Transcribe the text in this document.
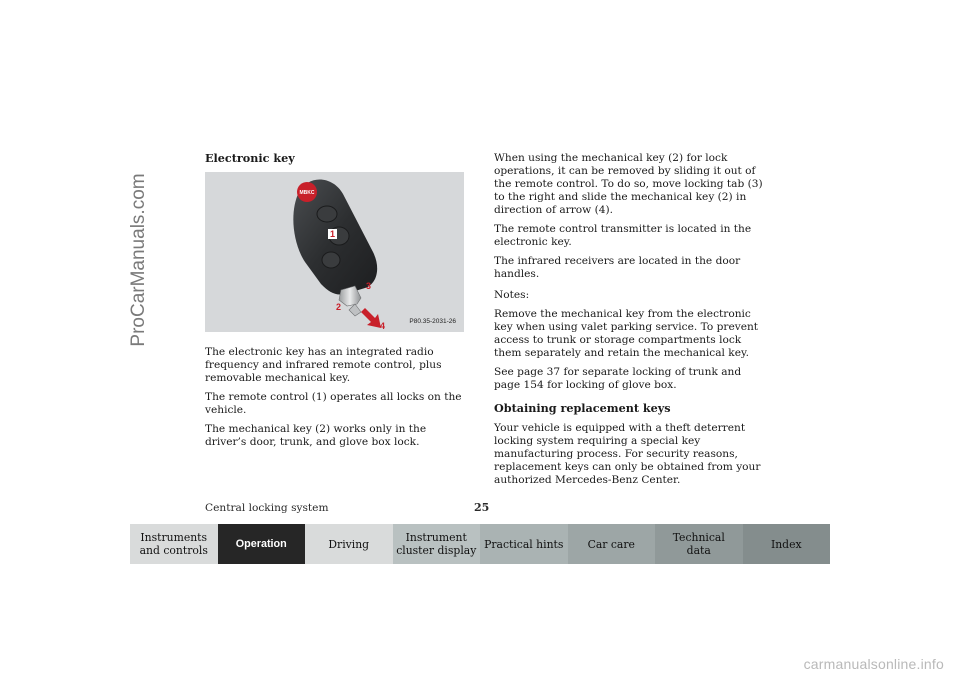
ProCarManuals.com
Electronic key
MBKC
1
2
3
4	P80.35-2031-26

The electronic key has an integrated radio frequency and infrared remote control, plus removable mechanical key.

The remote control (1) operates all locks on the vehicle.

The mechanical key (2) works only in the driver’s door, trunk, and glove box lock.

When using the mechanical key (2) for lock operations, it can be removed by sliding it out of the remote control. To do so, move locking tab (3) to the right and slide the mechanical key (2) in direction of arrow (4).

The remote control transmitter is located in the electronic key.

The infrared receivers are located in the door handles.

Notes:

Remove the mechanical key from the electronic key when using valet parking service. To prevent access to trunk or storage compartments lock them separately and retain the mechanical key.

See page 37 for separate locking of trunk and page 154 for locking of glove box.

Obtaining replacement keys

Your vehicle is equipped with a theft deterrent locking system requiring a special key manufacturing process. For security reasons, replacement keys can only be obtained from your authorized Mercedes-Benz Center.

Central locking system	25
Instruments
and controls
Operation	Driving	Instrument
cluster display Practical hints	Car care	Technical
data	Index
carmanualsonline.info
